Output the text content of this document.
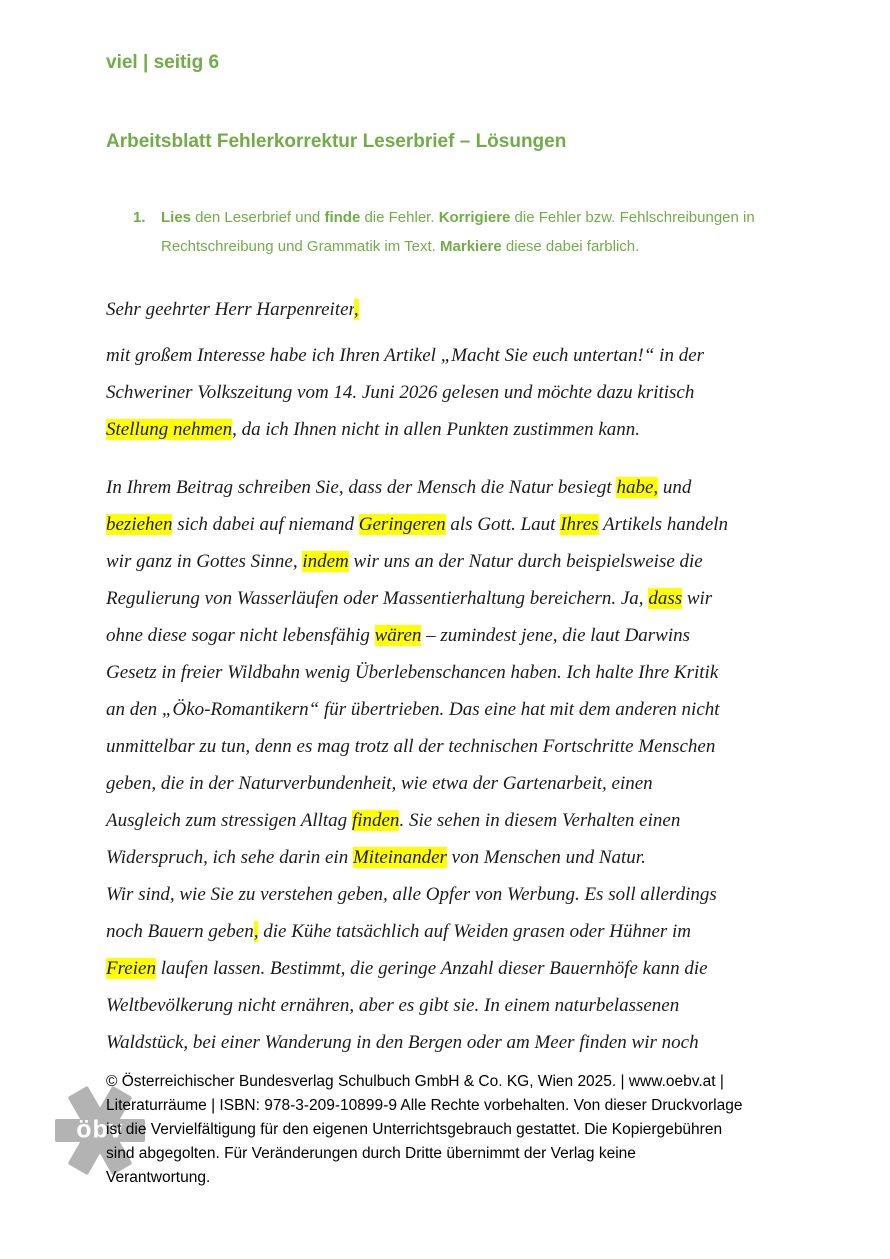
viel | seitig 6
Arbeitsblatt Fehlerkorrektur Leserbrief – Lösungen
1.	Lies den Leserbrief und finde die Fehler. Korrigiere die Fehler bzw. Fehlschreibungen in Rechtschreibung und Grammatik im Text. Markiere diese dabei farblich.

Sehr geehrter Herr Harpenreiter,

mit großem Interesse habe ich Ihren Artikel „Macht Sie euch untertan!“ in der
Schweriner Volkszeitung vom 14. Juni 2026 gelesen und möchte dazu kritisch
Stellung nehmen, da ich Ihnen nicht in allen Punkten zustimmen kann.

In Ihrem Beitrag schreiben Sie, dass der Mensch die Natur besiegt habe, und
beziehen sich dabei auf niemand Geringeren als Gott. Laut Ihres Artikels handeln
wir ganz in Gottes Sinne, indem wir uns an der Natur durch beispielsweise die
Regulierung von Wasserläufen oder Massentierhaltung bereichern. Ja, dass wir
ohne diese sogar nicht lebensfähig wären – zumindest jene, die laut Darwins
Gesetz in freier Wildbahn wenig Überlebenschancen haben. Ich halte Ihre Kritik
an den „Öko-Romantikern“ für übertrieben. Das eine hat mit dem anderen nicht
unmittelbar zu tun, denn es mag trotz all der technischen Fortschritte Menschen
geben, die in der Naturverbundenheit, wie etwa der Gartenarbeit, einen
Ausgleich zum stressigen Alltag finden. Sie sehen in diesem Verhalten einen
Widerspruch, ich sehe darin ein Miteinander von Menschen und Natur.
Wir sind, wie Sie zu verstehen geben, alle Opfer von Werbung. Es soll allerdings
noch Bauern geben, die Kühe tatsächlich auf Weiden grasen oder Hühner im
Freien laufen lassen. Bestimmt, die geringe Anzahl dieser Bauernhöfe kann die
Weltbevölkerung nicht ernähren, aber es gibt sie. In einem naturbelassenen
Waldstück, bei einer Wanderung in den Bergen oder am Meer finden wir noch

öbv
© Österreichischer Bundesverlag Schulbuch GmbH & Co. KG, Wien 2025. | www.oebv.at |
Literaturräume | ISBN: 978-3-209-10899-9 Alle Rechte vorbehalten. Von dieser Druckvorlage
ist die Vervielfältigung für den eigenen Unterrichtsgebrauch gestattet. Die Kopiergebühren
sind abgegolten. Für Veränderungen durch Dritte übernimmt der Verlag keine
Verantwortung.
